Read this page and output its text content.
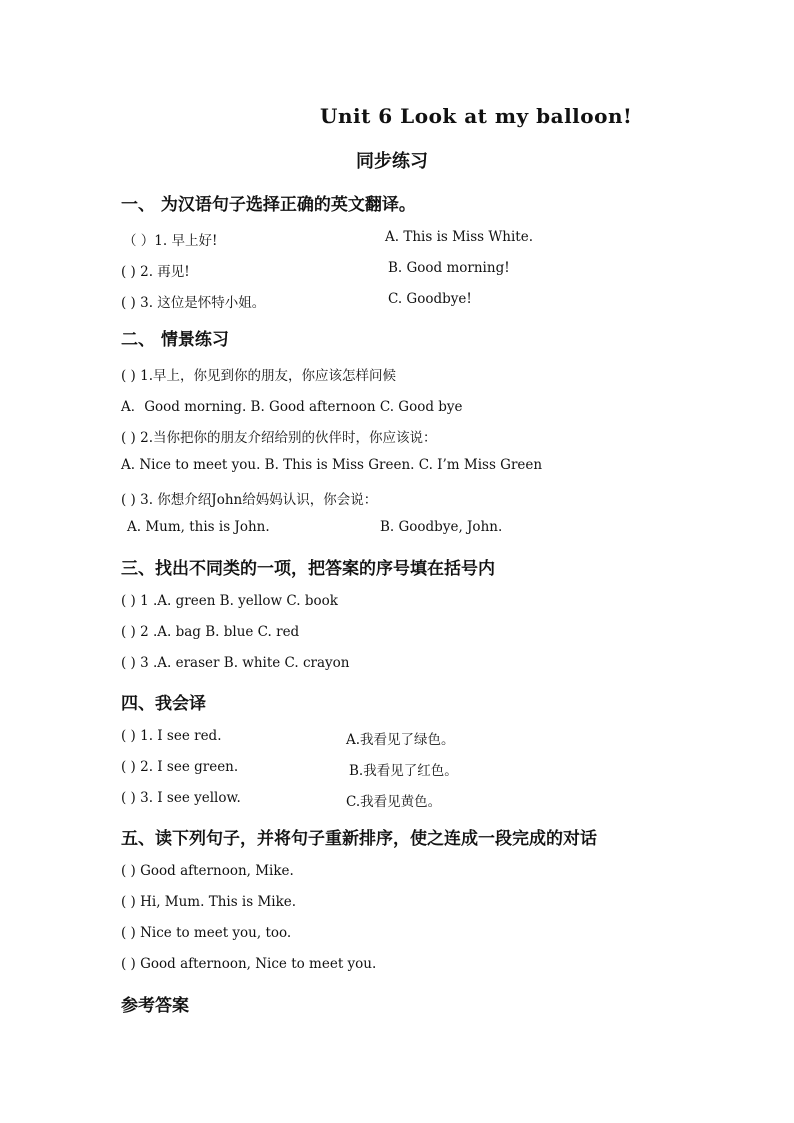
Unit 6 Look at my balloon!
同步练习
一、 为汉语句子选择正确的英文翻译。
（ ）1. 早上好!	A. This is Miss White.
( ) 2. 再见!	B. Good morning!
( ) 3. 这位是怀特小姐。	C. Goodbye!
二、 情景练习
( ) 1.早上，你见到你的朋友，你应该怎样问候
A．Good morning. B. Good afternoon C. Good bye
( ) 2.当你把你的朋友介绍给别的伙伴时，你应该说：
A. Nice to meet you. B. This is Miss Green. C. I’m Miss Green
( ) 3. 你想介绍John给妈妈认识，你会说：
A. Mum, this is John.	B. Goodbye, John.
三、找出不同类的一项，把答案的序号填在括号内
( ) 1 .A. green B. yellow C. book
( ) 2 .A. bag B. blue C. red
( ) 3 .A. eraser B. white C. crayon
四、我会译
( ) 1. I see red.	A.我看见了绿色。
( ) 2. I see green.	B.我看见了红色。
( ) 3. I see yellow.	C.我看见黄色。
五、读下列句子，并将句子重新排序，使之连成一段完成的对话
( ) Good afternoon, Mike.
( ) Hi, Mum. This is Mike.
( ) Nice to meet you, too.
( ) Good afternoon, Nice to meet you.
参考答案
